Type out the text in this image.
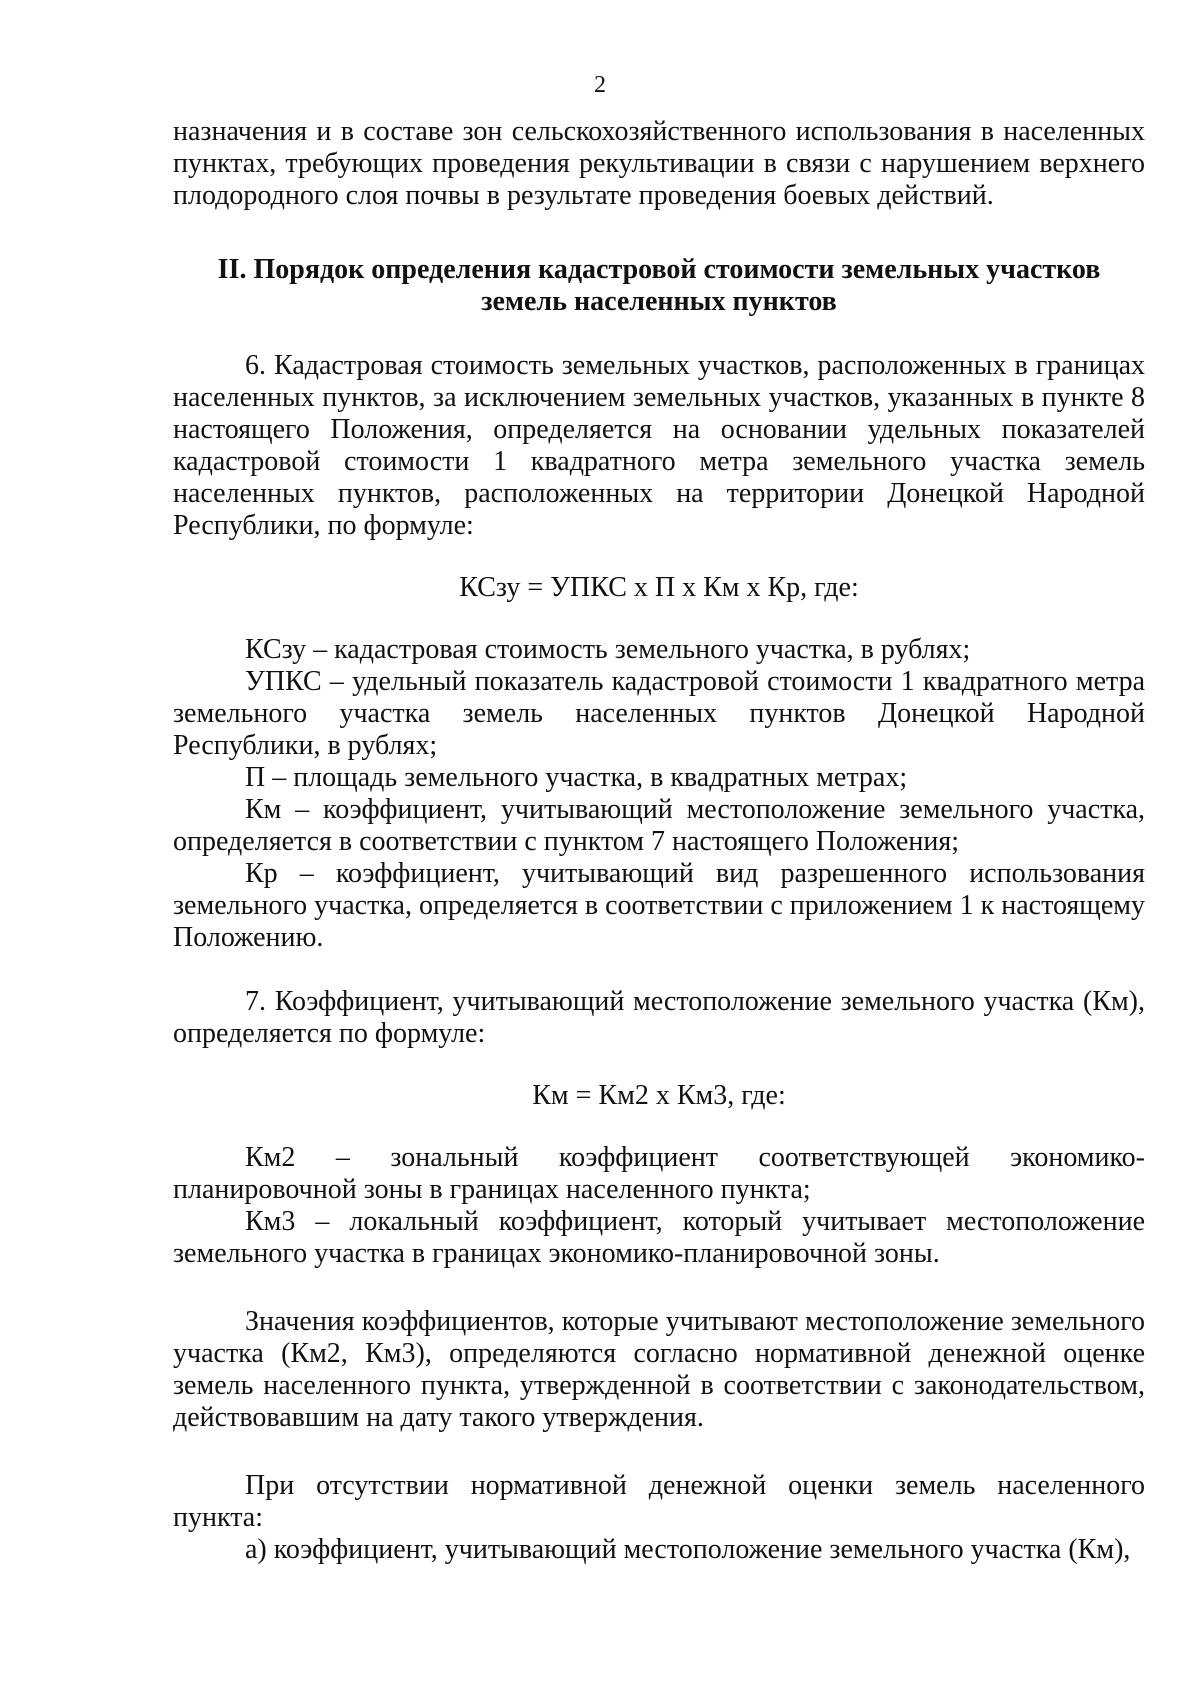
2

назначения и в составе зон сельскохозяйственного использования в населенных пунктах, требующих проведения рекультивации в связи с нарушением верхнего плодородного слоя почвы в результате проведения боевых действий.

II. Порядок определения кадастровой стоимости земельных участков
земель населенных пунктов

6. Кадастровая стоимость земельных участков, расположенных в границах населенных пунктов, за исключением земельных участков, указанных в пункте 8 настоящего Положения, определяется на основании удельных показателей кадастровой стоимости 1 квадратного метра земельного участка земель населенных пунктов, расположенных на территории Донецкой Народной Республики, по формуле:

КСзу = УПКС х П х Км х Кр, где:

КСзу – кадастровая стоимость земельного участка, в рублях;

УПКС – удельный показатель кадастровой стоимости 1 квадратного метра земельного участка земель населенных пунктов Донецкой Народной Республики, в рублях;

П – площадь земельного участка, в квадратных метрах;

Км – коэффициент, учитывающий местоположение земельного участка, определяется в соответствии с пунктом 7 настоящего Положения;

Кр – коэффициент, учитывающий вид разрешенного использования земельного участка, определяется в соответствии с приложением 1 к настоящему Положению.

7. Коэффициент, учитывающий местоположение земельного участка (Км), определяется по формуле:

Км = Км2 х Км3, где:

Км2 – зональный коэффициент соответствующей экономико-планировочной зоны в границах населенного пункта;

Км3 – локальный коэффициент, который учитывает местоположение земельного участка в границах экономико-планировочной зоны.

Значения коэффициентов, которые учитывают местоположение земельного участка (Км2, Км3), определяются согласно нормативной денежной оценке земель населенного пункта, утвержденной в соответствии с законодательством, действовавшим на дату такого утверждения.

При отсутствии нормативной денежной оценки земель населенного пункта:

а) коэффициент, учитывающий местоположение земельного участка (Км),
